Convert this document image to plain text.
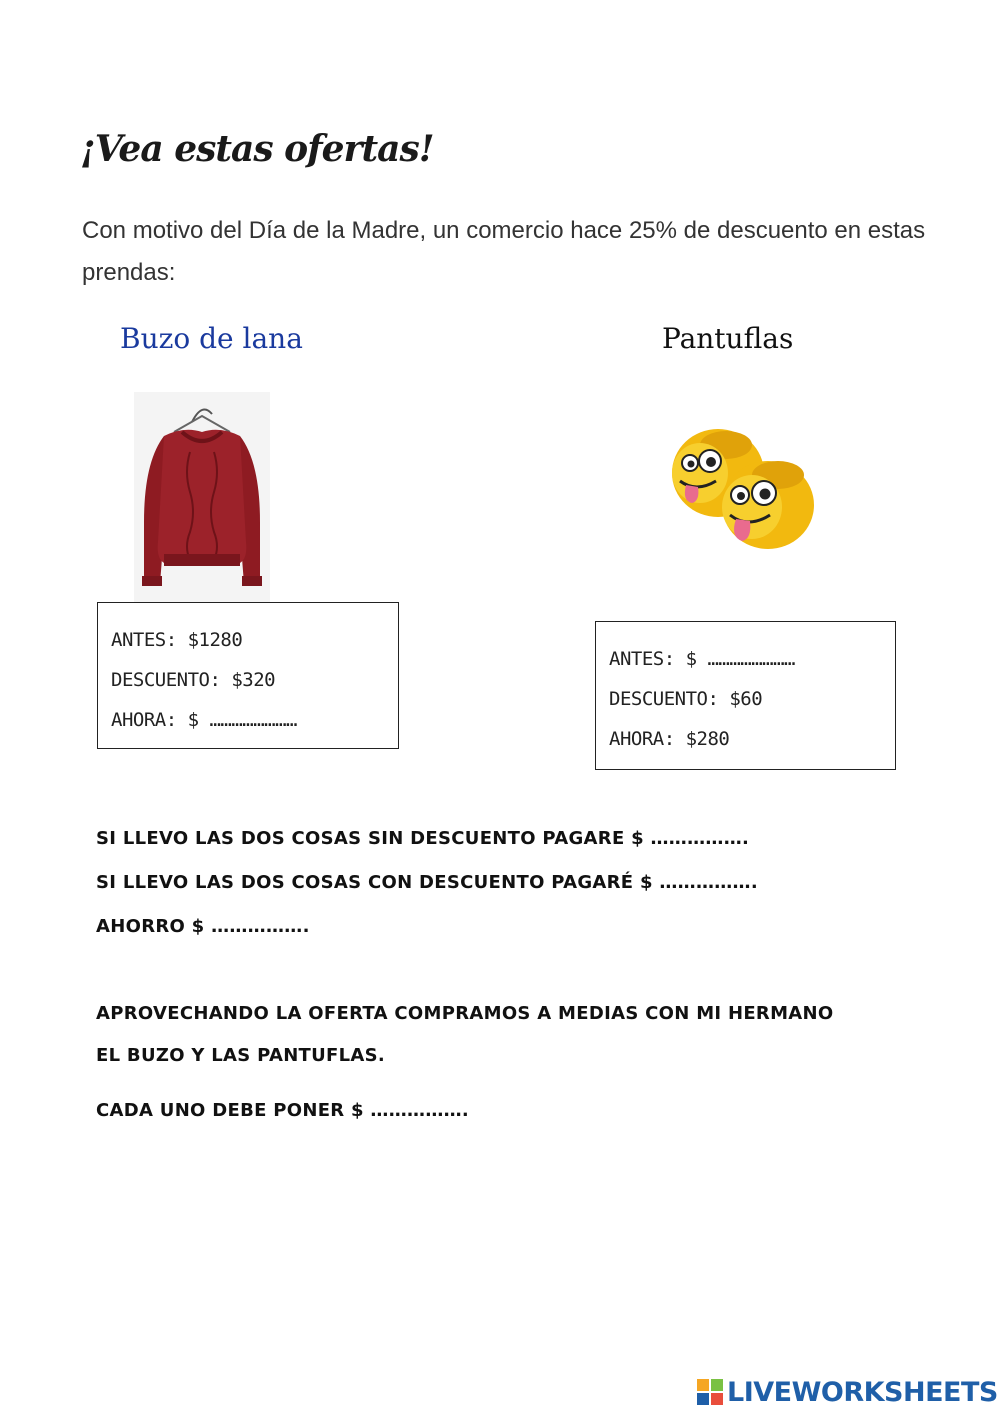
¡Vea estas ofertas!
Con motivo del Día de la Madre, un comercio hace 25% de descuento en estas prendas:
Buzo de lana	Pantuflas
ANTES: $1280
DESCUENTO: $320
AHORA: $ ……………………
ANTES: $ ……………………
DESCUENTO: $60
AHORA: $280
SI LLEVO LAS DOS COSAS SIN DESCUENTO PAGARE $ …………….
SI LLEVO LAS DOS COSAS CON DESCUENTO PAGARÉ $ …………….
AHORRO $ …………….
APROVECHANDO LA OFERTA COMPRAMOS A MEDIAS CON MI HERMANO
EL BUZO Y LAS PANTUFLAS.
CADA UNO DEBE PONER $ …………….
LIVEWORKSHEETS
